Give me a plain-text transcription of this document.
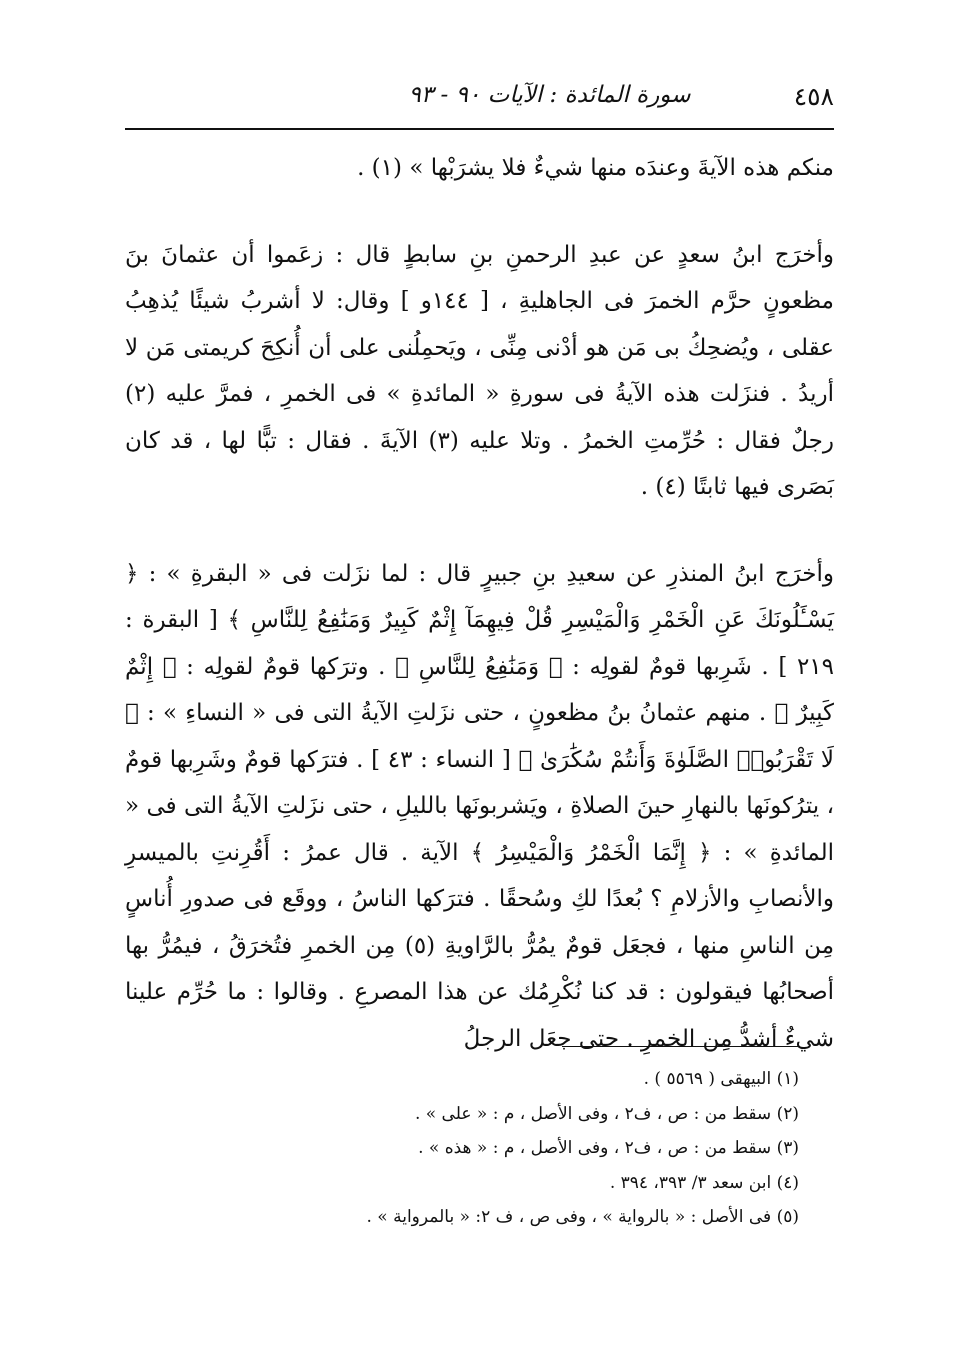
٤٥٨
سورة المائدة : الآيات ٩٠ - ٩٣

منكم هذه الآيةَ وعندَه منها شيءٌ فلا يشرَبْها » (١) .

وأخرَج ابنُ سعدٍ عن عبدِ الرحمنِ بنِ سابطٍ قال : زعَموا أن عثمانَ بنَ مظعونٍ حرَّم الخمرَ فى الجاهليةِ ، [ ١٤٤و ] وقال: لا أشربُ شيئًا يُذهِبُ عقلى ، ويُضحِكُ بى مَن هو أدْنى مِنِّى ، ويَحمِلُنى على أن أُنكِحَ كريمتى مَن لا أريدُ . فنزَلت هذه الآيةُ فى سورةِ « المائدةِ » فى الخمرِ ، فمرَّ عليه (٢) رجلٌ فقال : حُرِّمتِ الخمرُ . وتلا عليه (٣) الآيةَ . فقال : تبًّا لها ، قد كان بَصَرى فيها ثابتًا (٤) .

وأخرَج ابنُ المنذرِ عن سعيدِ بنِ جبيرٍ قال : لما نزَلت فى « البقرةِ » : ﴿ يَسْـَٔلُونَكَ عَنِ الْخَمْرِ وَالْمَيْسِرِ قُلْ فِيهِمَآ إِثْمٌ كَبِيرٌ وَمَنَٰفِعُ لِلنَّاسِ ﴾ [ البقرة : ٢١٩ ] . شَرِبها قومٌ لقولِه : ﴿ وَمَنَٰفِعُ لِلنَّاسِ ﴾ . وترَكها قومٌ لقولِه : ﴿ إِثْمٌ كَبِيرٌ ﴾ . منهم عثمانُ بنُ مظعونٍ ، حتى نزَلتِ الآيةُ التى فى « النساءِ » : ﴿ لَا تَقْرَبُوا۟ الصَّلَوٰةَ وَأَنتُمْ سُكَٰرَىٰ ﴾ [ النساء : ٤٣ ] . فترَكها قومٌ وشَرِبها قومٌ ، يترُكونَها بالنهارِ حينَ الصلاةِ ، ويَشربونَها بالليلِ ، حتى نزَلتِ الآيةُ التى فى « المائدةِ » : ﴿ إِنَّمَا الْخَمْرُ وَالْمَيْسِرُ ﴾ الآية . قال عمرُ : أَقُرِنتِ بالميسرِ والأنصابِ والأزلامِ ؟ بُعدًا لكِ وسُحقًا . فترَكها الناسُ ، ووقَع فى صدورِ أُناسٍ مِن الناسِ منها ، فجعَل قومٌ يمُرُّ بالرَّاويةِ (٥) مِن الخمرِ فتُخرَقُ ، فيمُرُّ بها أصحابُها فيقولون : قد كنا نُكْرِمُك عن هذا المصرعِ . وقالوا : ما حُرِّم علينا شيءٌ أشدُّ مِن الخمرِ . حتى جعَل الرجلُ

(١) البيهقى ( ٥٥٦٩ ) .
(٢) سقط من : ص ، ف٢ ، وفى الأصل ، م : « على » .
(٣) سقط من : ص ، ف٢ ، وفى الأصل ، م : « هذه » .
(٤) ابن سعد ٣/ ٣٩٣، ٣٩٤ .
(٥) فى الأصل : « بالرواية » ، وفى ص ، ف ٢: « بالمرواية » .
